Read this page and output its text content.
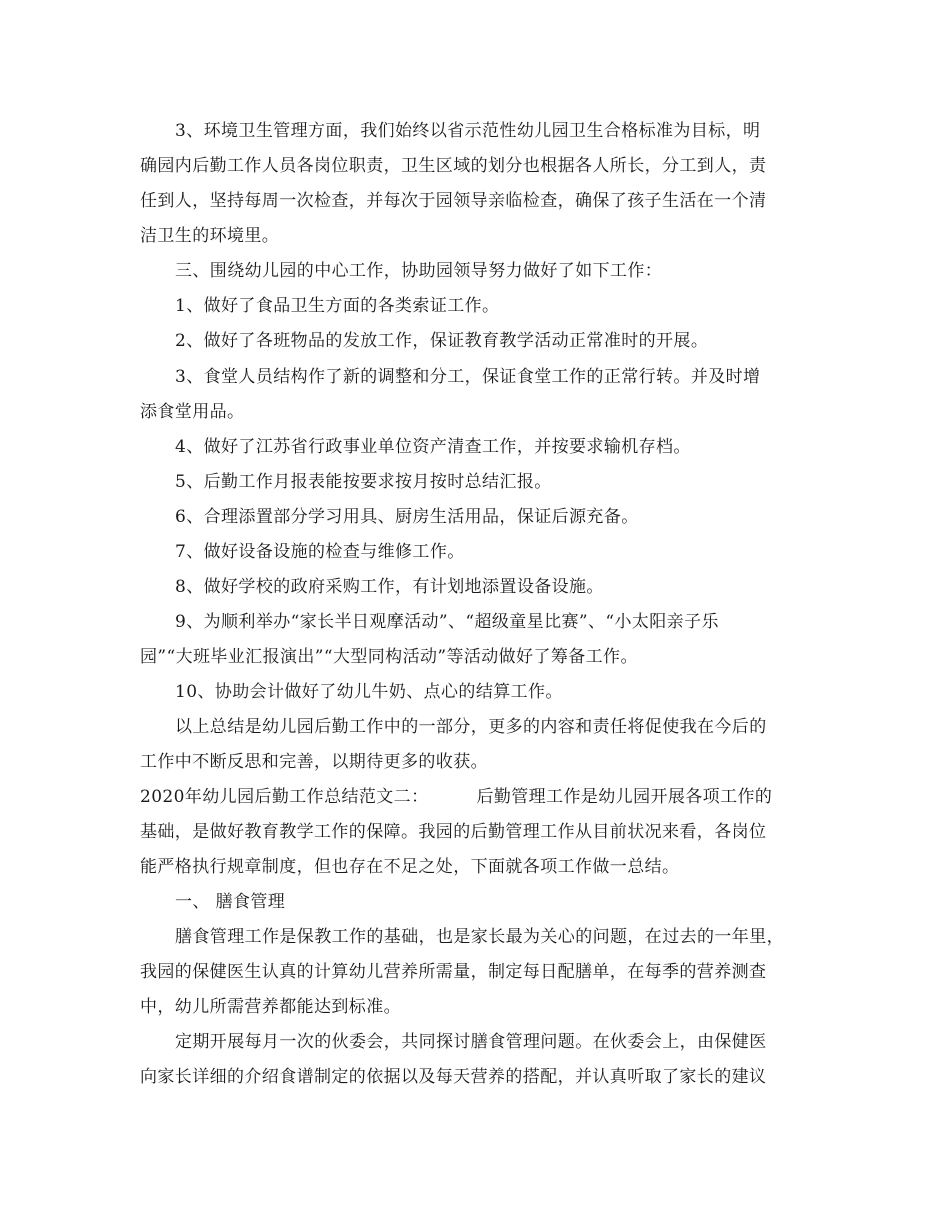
3、环境卫生管理方面，我们始终以省示范性幼儿园卫生合格标准为目标，明
确园内后勤工作人员各岗位职责，卫生区域的划分也根据各人所长，分工到人，责
任到人，坚持每周一次检查，并每次于园领导亲临检查，确保了孩子生活在一个清
洁卫生的环境里。
三、围绕幼儿园的中心工作，协助园领导努力做好了如下工作：
1、做好了食品卫生方面的各类索证工作。
2、做好了各班物品的发放工作，保证教育教学活动正常准时的开展。
3、食堂人员结构作了新的调整和分工，保证食堂工作的正常行转。并及时增
添食堂用品。
4、做好了江苏省行政事业单位资产清查工作，并按要求输机存档。
5、后勤工作月报表能按要求按月按时总结汇报。
6、合理添置部分学习用具、厨房生活用品，保证后源充备。
7、做好设备设施的检查与维修工作。
8、做好学校的政府采购工作，有计划地添置设备设施。
9、为顺利举办“家长半日观摩活动”、“超级童星比赛”、“小太阳亲子乐
园”“大班毕业汇报演出”“大型同构活动”等活动做好了筹备工作。
10、协助会计做好了幼儿牛奶、点心的结算工作。
以上总结是幼儿园后勤工作中的一部分，更多的内容和责任将促使我在今后的
工作中不断反思和完善，以期待更多的收获。
2020年幼儿园后勤工作总结范文二：	后勤管理工作是幼儿园开展各项工作的
基础，是做好教育教学工作的保障。我园的后勤管理工作从目前状况来看，各岗位
能严格执行规章制度，但也存在不足之处，下面就各项工作做一总结。
一、 膳食管理
膳食管理工作是保教工作的基础，也是家长最为关心的问题，在过去的一年里，
我园的保健医生认真的计算幼儿营养所需量，制定每日配膳单，在每季的营养测查
中，幼儿所需营养都能达到标准。
定期开展每月一次的伙委会，共同探讨膳食管理问题。在伙委会上，由保健医
向家长详细的介绍食谱制定的依据以及每天营养的搭配，并认真听取了家长的建议
